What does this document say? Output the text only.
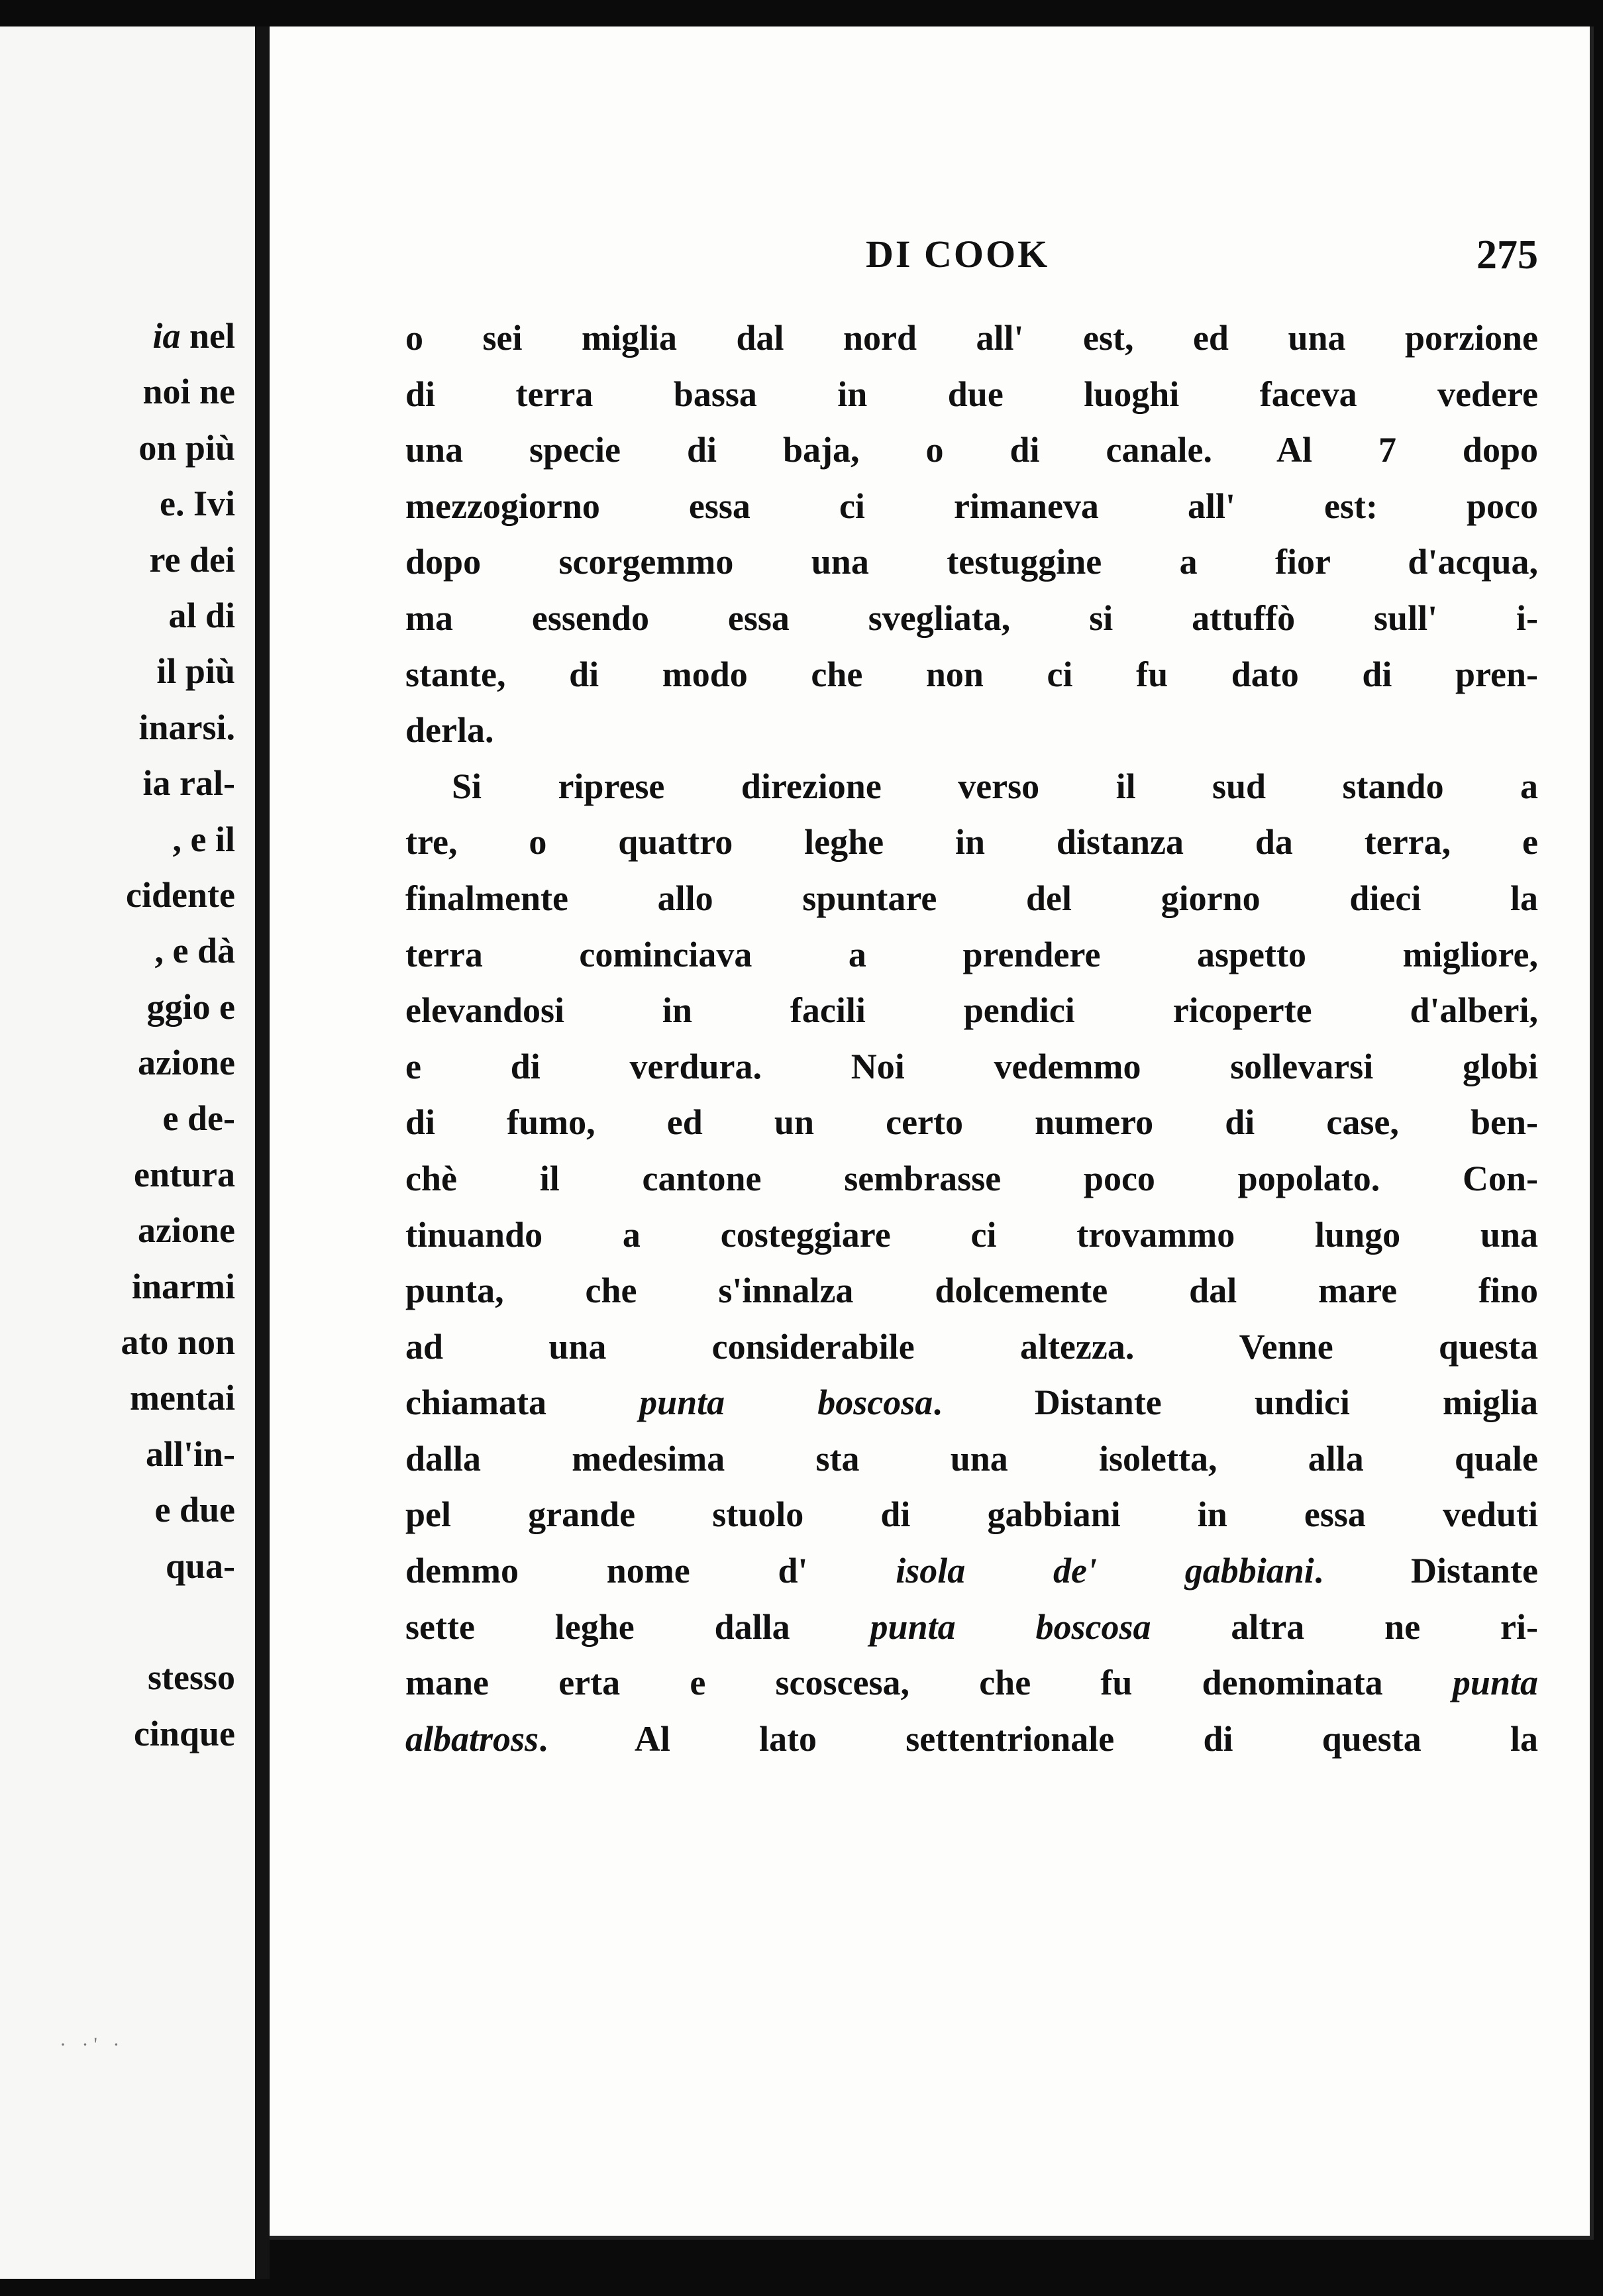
ia nel
noi ne
on più
e. Ivi
re dei
al di
il più
inarsi.
ia ral-
, e il
cidente
, e dà
ggio e
azione
e de-
entura
azione
inarmi
ato non
mentai
all'in-
e due
qua-
stesso
cinque
· ·' ·
DI COOK	275
o sei miglia dal nord all' est, ed una porzione
di terra bassa in due luoghi faceva vedere
una specie di baja, o di canale. Al 7 dopo
mezzogiorno essa ci rimaneva all' est: poco
dopo scorgemmo una testuggine a fior d'acqua,
ma essendo essa svegliata, si attuffò sull' i-
stante, di modo che non ci fu dato di pren-
derla.
Si riprese direzione verso il sud stando a
tre, o quattro leghe in distanza da terra, e
finalmente allo spuntare del giorno dieci la
terra cominciava a prendere aspetto migliore,
elevandosi in facili pendici ricoperte d'alberi,
e di verdura. Noi vedemmo sollevarsi globi
di fumo, ed un certo numero di case, ben-
chè il cantone sembrasse poco popolato. Con-
tinuando a costeggiare ci trovammo lungo una
punta, che s'innalza dolcemente dal mare fino
ad una considerabile altezza. Venne questa
chiamata punta boscosa. Distante undici miglia
dalla medesima sta una isoletta, alla quale
pel grande stuolo di gabbiani in essa veduti
demmo nome d' isola de' gabbiani. Distante
sette leghe dalla punta boscosa altra ne ri-
mane erta e scoscesa, che fu denominata punta
albatross. Al lato settentrionale di questa la
